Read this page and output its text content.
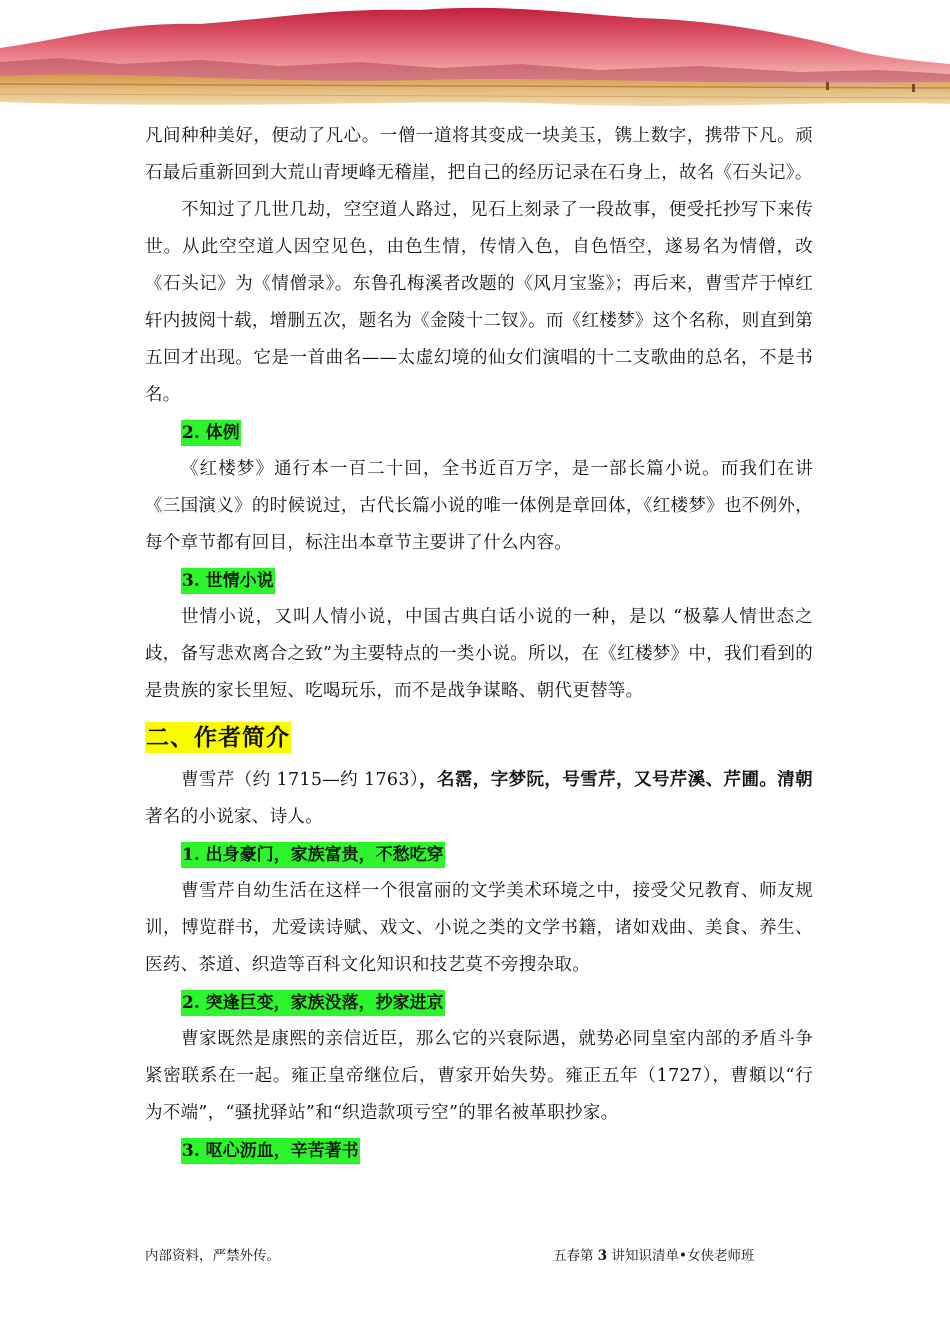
凡间种种美好，便动了凡心。一僧一道将其变成一块美玉，镌上数字，携带下凡。顽石最后重新回到大荒山青埂峰无稽崖，把自己的经历记录在石身上，故名《石头记》。

不知过了几世几劫，空空道人路过，见石上刻录了一段故事，便受托抄写下来传世。从此空空道人因空见色，由色生情，传情入色，自色悟空，遂易名为情僧，改《石头记》为《情僧录》。东鲁孔梅溪者改题的《风月宝鉴》；再后来，曹雪芹于悼红轩内披阅十载，增删五次，题名为《金陵十二钗》。而《红楼梦》这个名称，则直到第五回才出现。它是一首曲名——太虚幻境的仙女们演唱的十二支歌曲的总名，不是书名。

2. 体例

《红楼梦》通行本一百二十回，全书近百万字，是一部长篇小说。而我们在讲《三国演义》的时候说过，古代长篇小说的唯一体例是章回体，《红楼梦》也不例外，每个章节都有回目，标注出本章节主要讲了什么内容。

3. 世情小说

世情小说，又叫人情小说，中国古典白话小说的一种，是以 “极摹人情世态之歧，备写悲欢离合之致”为主要特点的一类小说。所以，在《红楼梦》中，我们看到的是贵族的家长里短、吃喝玩乐，而不是战争谋略、朝代更替等。

二、作者简介

曹雪芹（约 1715—约 1763），名霑，字梦阮，号雪芹，又号芹溪、芹圃。清朝著名的小说家、诗人。

1. 出身豪门，家族富贵，不愁吃穿

曹雪芹自幼生活在这样一个很富丽的文学美术环境之中，接受父兄教育、师友规训，博览群书，尤爱读诗赋、戏文、小说之类的文学书籍，诸如戏曲、美食、养生、医药、茶道、织造等百科文化知识和技艺莫不旁搜杂取。

2. 突逢巨变，家族没落，抄家进京

曹家既然是康熙的亲信近臣，那么它的兴衰际遇，就势必同皇室内部的矛盾斗争紧密联系在一起。雍正皇帝继位后，曹家开始失势。雍正五年（1727），曹頫以“行为不端”，“骚扰驿站”和“织造款项亏空”的罪名被革职抄家。

3. 呕心沥血，辛苦著书
内部资料，严禁外传。	五春第 3 讲知识清单•女侠老师班
